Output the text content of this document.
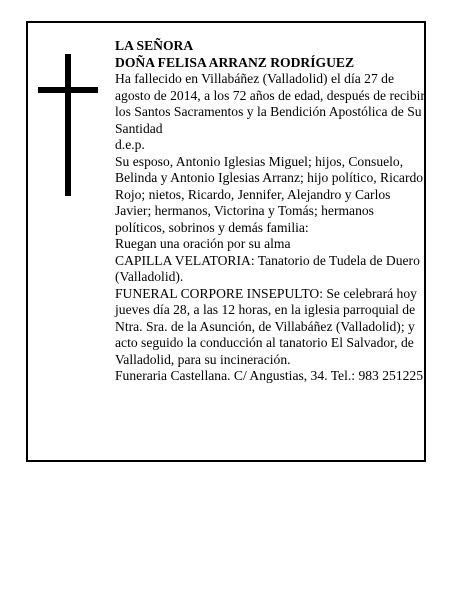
LA SEÑORA

DOÑA FELISA ARRANZ RODRÍGUEZ

Ha fallecido en Villabáñez (Valladolid) el día 27 de agosto de 2014, a los 72 años de edad, después de recibir los Santos Sacramentos y la Bendición Apostólica de Su Santidad

d.e.p.

Su esposo, Antonio Iglesias Miguel; hijos, Consuelo, Belinda y Antonio Iglesias Arranz; hijo político, Ricardo Rojo; nietos, Ricardo, Jennifer, Alejandro y Carlos Javier; hermanos, Victorina y Tomás; hermanos políticos, sobrinos y demás familia:

Ruegan una oración por su alma

CAPILLA VELATORIA: Tanatorio de Tudela de Duero (Valladolid).

FUNERAL CORPORE INSEPULTO: Se celebrará hoy jueves día 28, a las 12 horas, en la iglesia parroquial de Ntra. Sra. de la Asunción, de Villabáñez (Valladolid); y acto seguido la conducción al tanatorio El Salvador, de Valladolid, para su incineración.

Funeraria Castellana. C/ Angustias, 34. Tel.: 983 251225
